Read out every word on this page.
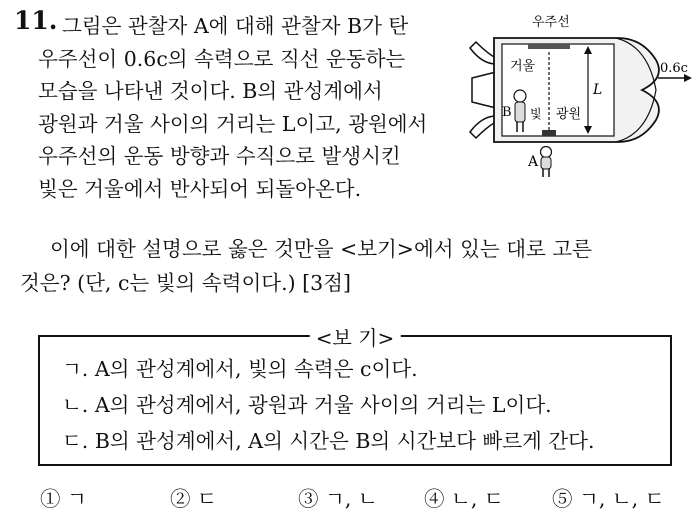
11. 그림은 관찰자 A에 대해 관찰자 B가 탄
우주선이 0.6c의 속력으로 직선 운동하는
모습을 나타낸 것이다. B의 관성계에서
광원과 거울 사이의 거리는 L이고, 광원에서
우주선의 운동 방향과 수직으로 발생시킨
빛은 거울에서 반사되어 되돌아온다.
L
B
우주선
거울
빛 광원
0.6c
A
이에 대한 설명으로 옳은 것만을 <보기>에서 있는 대로 고른
것은? (단, c는 빛의 속력이다.) [3점]
<보 기>
ㄱ. A의 관성계에서, 빛의 속력은 c이다.
ㄴ. A의 관성계에서, 광원과 거울 사이의 거리는 L이다.
ㄷ. B의 관성계에서, A의 시간은 B의 시간보다 빠르게 간다.
① ㄱ	② ㄷ	③ ㄱ, ㄴ ④ ㄴ, ㄷ ⑤ ㄱ, ㄴ, ㄷ
